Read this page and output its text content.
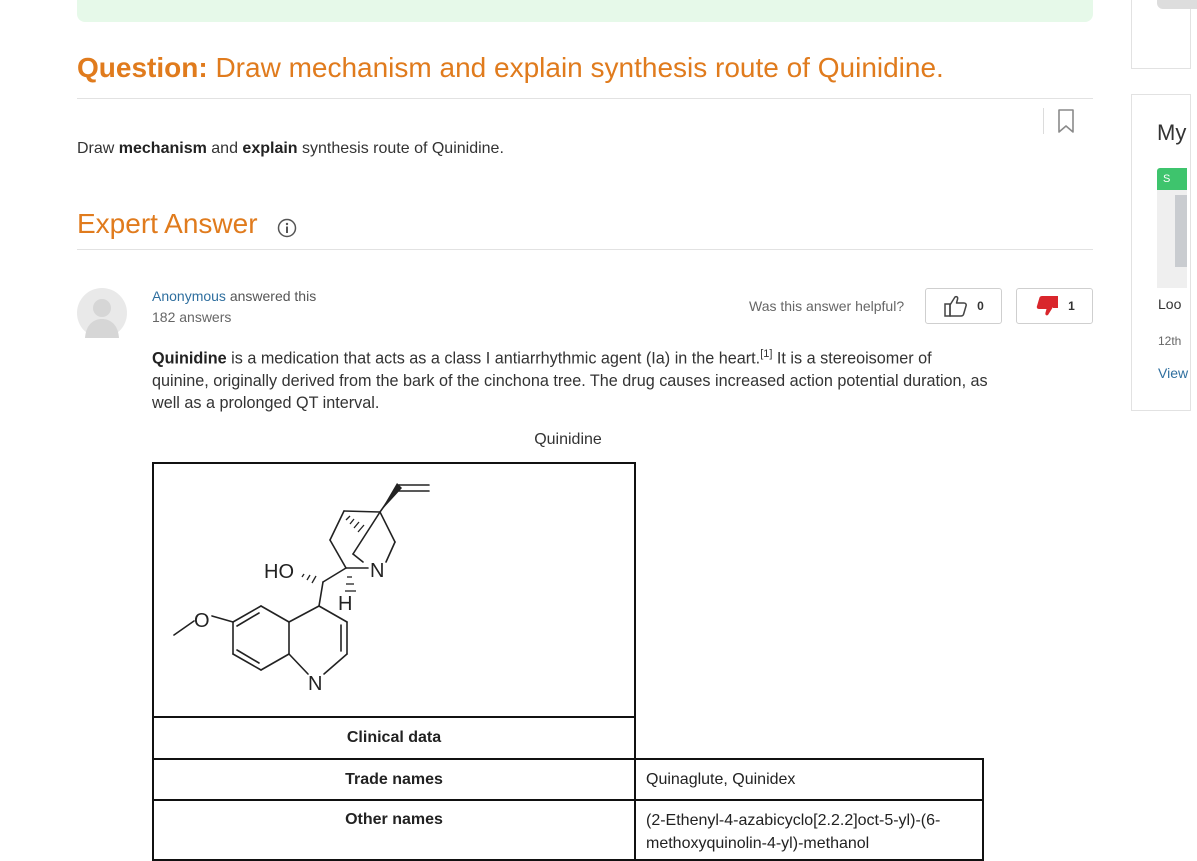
My
S
Loo
12th
View
Question: Draw mechanism and explain synthesis route of Quinidine.
Draw mechanism and explain synthesis route of Quinidine.
Expert Answer
Anonymous answered this
182 answers
Was this answer helpful?	0	1
Quinidine is a medication that acts as a class I antiarrhythmic agent (Ia) in the heart.[1] It is a stereoisomer of quinine, originally derived from the bark of the cinchona tree. The drug causes increased action potential duration, as well as a prolonged QT interval.
Quinidine
HO	N
H
N
O
Clinical data
Trade names	Quinaglute, Quinidex
Other names	(2-Ethenyl-4-azabicyclo[2.2.2]oct-5-yl)-(6-methoxyquinolin-4-yl)-methanol
